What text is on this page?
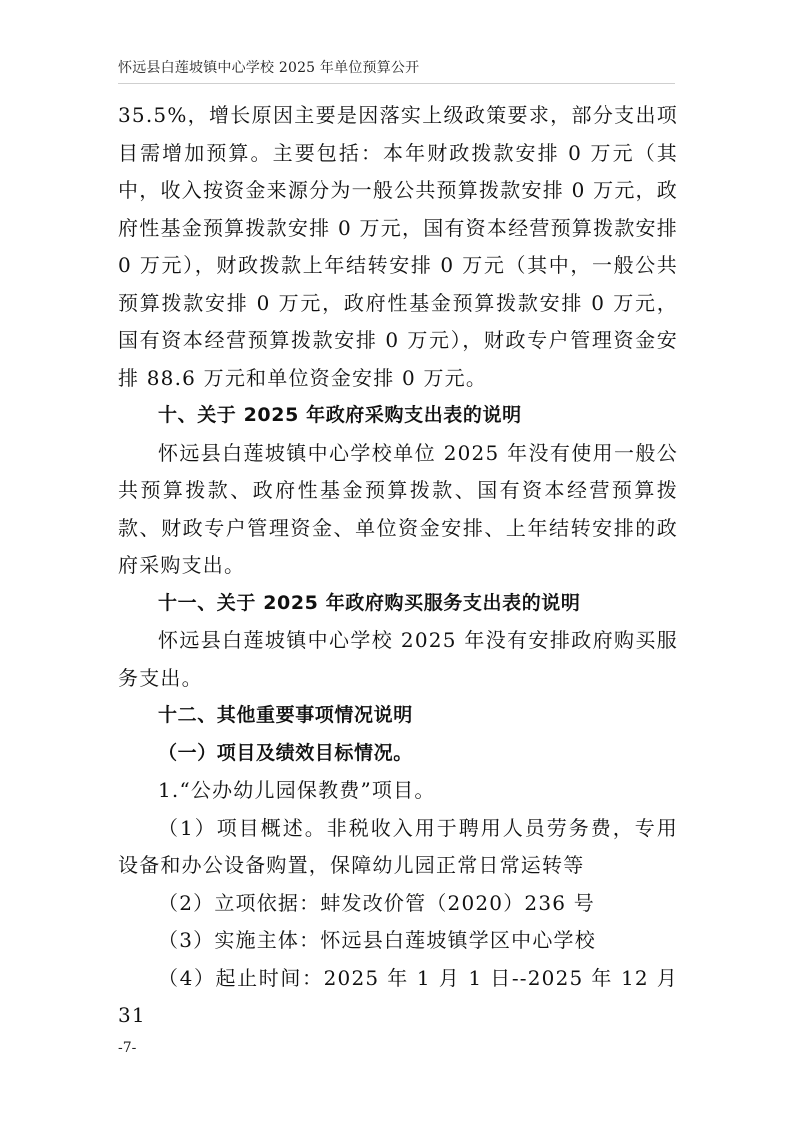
怀远县白莲坡镇中心学校 2025 年单位预算公开

35.5%，增长原因主要是因落实上级政策要求，部分支出项目需增加预算。主要包括：本年财政拨款安排 0 万元（其中，收入按资金来源分为一般公共预算拨款安排 0 万元，政府性基金预算拨款安排 0 万元，国有资本经营预算拨款安排 0 万元），财政拨款上年结转安排 0 万元（其中，一般公共预算拨款安排 0 万元，政府性基金预算拨款安排 0 万元，国有资本经营预算拨款安排 0 万元），财政专户管理资金安排 88.6 万元和单位资金安排 0 万元。

十、关于 2025 年政府采购支出表的说明

怀远县白莲坡镇中心学校单位 2025 年没有使用一般公共预算拨款、政府性基金预算拨款、国有资本经营预算拨款、财政专户管理资金、单位资金安排、上年结转安排的政府采购支出。

十一、关于 2025 年政府购买服务支出表的说明

怀远县白莲坡镇中心学校 2025 年没有安排政府购买服务支出。

十二、其他重要事项情况说明

（一）项目及绩效目标情况。

1.“公办幼儿园保教费”项目。

（1）项目概述。非税收入用于聘用人员劳务费，专用设备和办公设备购置，保障幼儿园正常日常运转等

（2）立项依据：蚌发改价管（2020）236 号

（3）实施主体：怀远县白莲坡镇学区中心学校

（4）起止时间：2025 年 1 月 1 日--2025 年 12 月 31

-7-
